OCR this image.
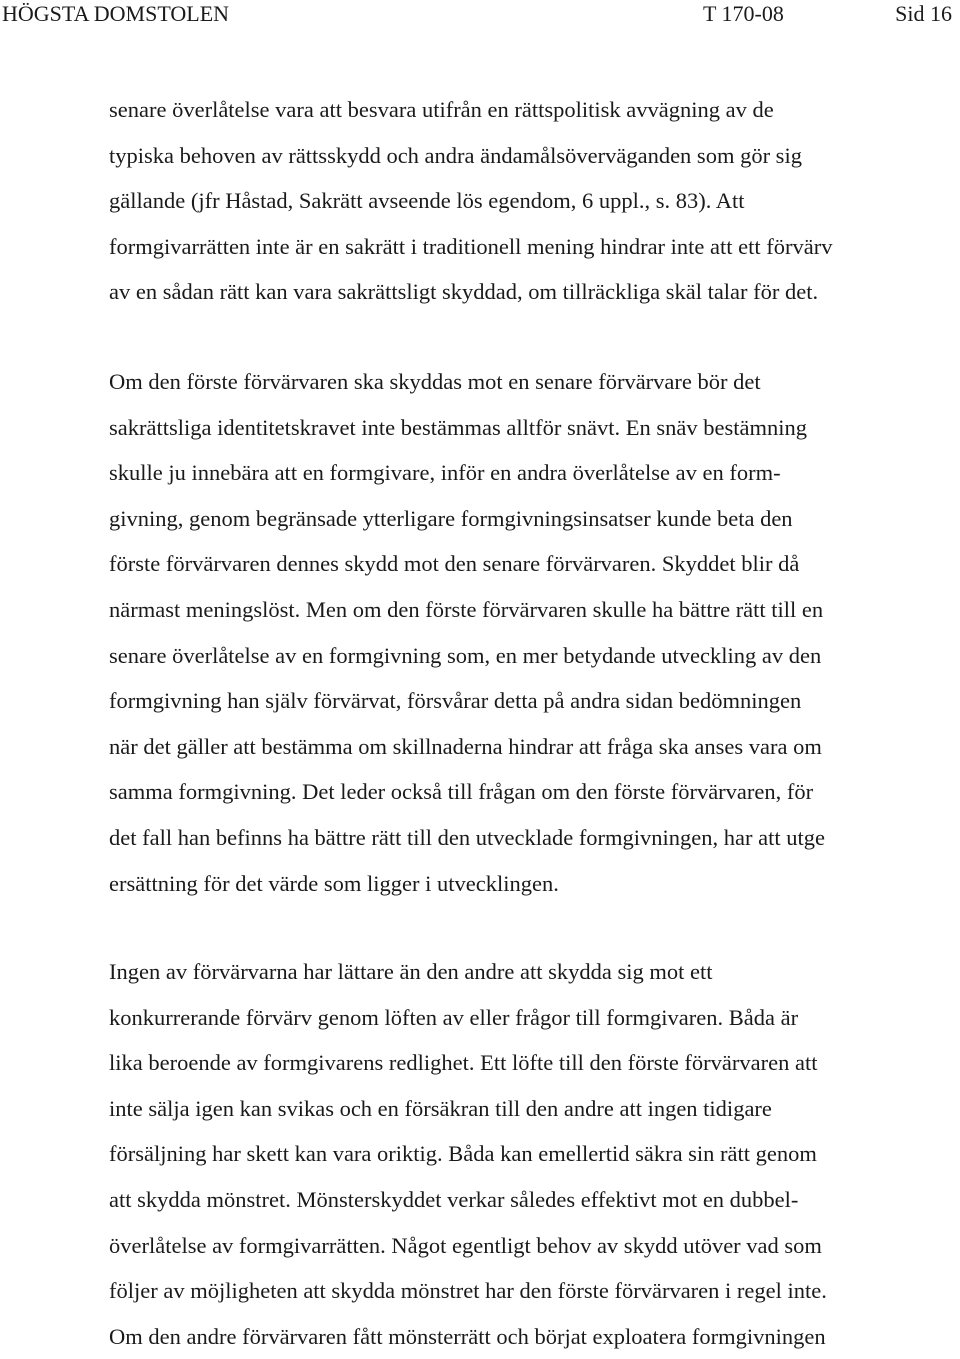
HÖGSTA DOMSTOLEN	T 170-08	Sid 16

senare överlåtelse vara att besvara utifrån en rättspolitisk avvägning av de
typiska behoven av rättsskydd och andra ändamålsöverväganden som gör sig
gällande (jfr Håstad, Sakrätt avseende lös egendom, 6 uppl., s. 83). Att
formgivarrätten inte är en sakrätt i traditionell mening hindrar inte att ett förvärv
av en sådan rätt kan vara sakrättsligt skyddad, om tillräckliga skäl talar för det.

Om den förste förvärvaren ska skyddas mot en senare förvärvare bör det
sakrättsliga identitetskravet inte bestämmas alltför snävt. En snäv bestämning
skulle ju innebära att en formgivare, inför en andra överlåtelse av en form-
givning, genom begränsade ytterligare formgivningsinsatser kunde beta den
förste förvärvaren dennes skydd mot den senare förvärvaren. Skyddet blir då
närmast meningslöst. Men om den förste förvärvaren skulle ha bättre rätt till en
senare överlåtelse av en formgivning som, en mer betydande utveckling av den
formgivning han själv förvärvat, försvårar detta på andra sidan bedömningen
när det gäller att bestämma om skillnaderna hindrar att fråga ska anses vara om
samma formgivning. Det leder också till frågan om den förste förvärvaren, för
det fall han befinns ha bättre rätt till den utvecklade formgivningen, har att utge
ersättning för det värde som ligger i utvecklingen.

Ingen av förvärvarna har lättare än den andre att skydda sig mot ett
konkurrerande förvärv genom löften av eller frågor till formgivaren. Båda är
lika beroende av formgivarens redlighet. Ett löfte till den förste förvärvaren att
inte sälja igen kan svikas och en försäkran till den andre att ingen tidigare
försäljning har skett kan vara oriktig. Båda kan emellertid säkra sin rätt genom
att skydda mönstret. Mönsterskyddet verkar således effektivt mot en dubbel-
överlåtelse av formgivarrätten. Något egentligt behov av skydd utöver vad som
följer av möjligheten att skydda mönstret har den förste förvärvaren i regel inte.
Om den andre förvärvaren fått mönsterrätt och börjat exploatera formgivningen
